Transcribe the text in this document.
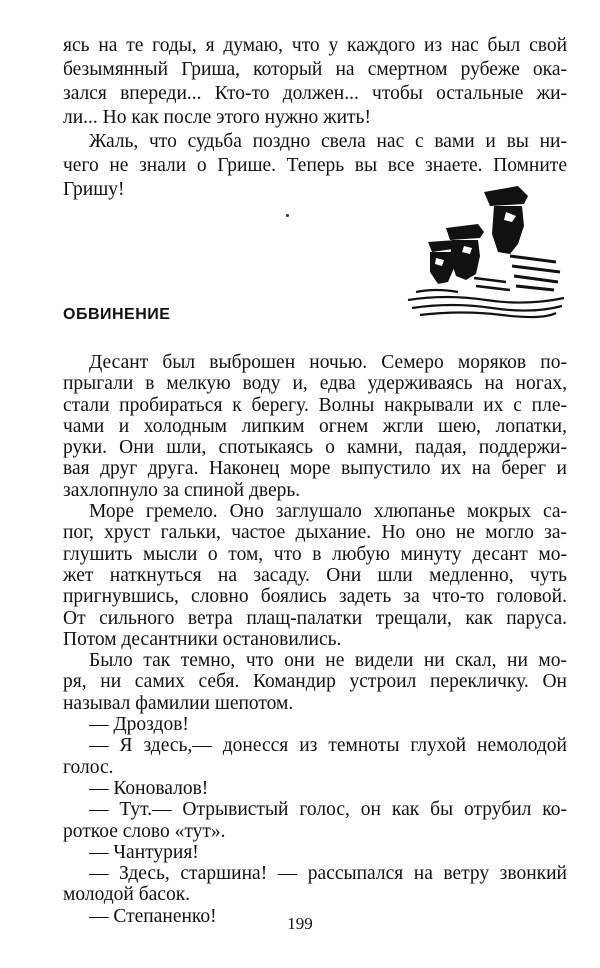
ясь на те годы, я думаю, что у каждого из нас был свой
безымянный Гриша, который на смертном рубеже ока-
зался впереди... Кто-то должен... чтобы остальные жи-
ли... Но как после этого нужно жить!

Жаль, что судьба поздно свела нас с вами и вы ни-
чего не знали о Грише. Теперь вы все знаете. Помните
Гришу!

ОБВИНЕНИЕ

Десант был выброшен ночью. Семеро моряков по-
прыгали в мелкую воду и, едва удерживаясь на ногах,
стали пробираться к берегу. Волны накрывали их с пле-
чами и холодным липким огнем жгли шею, лопатки,
руки. Они шли, спотыкаясь о камни, падая, поддержи-
вая друг друга. Наконец море выпустило их на берег и
захлопнуло за спиной дверь.

Море гремело. Оно заглушало хлюпанье мокрых са-
пог, хруст гальки, частое дыхание. Но оно не могло за-
глушить мысли о том, что в любую минуту десант мо-
жет наткнуться на засаду. Они шли медленно, чуть
пригнувшись, словно боялись задеть за что-то головой.
От сильного ветра плащ-палатки трещали, как паруса.
Потом десантники остановились.

Было так темно, что они не видели ни скал, ни мо-
ря, ни самих себя. Командир устроил перекличку. Он
называл фамилии шепотом.

— Дроздов!

— Я здесь,— донесся из темноты глухой немолодой
голос.

— Коновалов!

— Тут.— Отрывистый голос, он как бы отрубил ко-
роткое слово «тут».

199

— Чантурия!

— Здесь, старшина! — рассыпался на ветру звонкий
молодой басок.

— Степаненко!
